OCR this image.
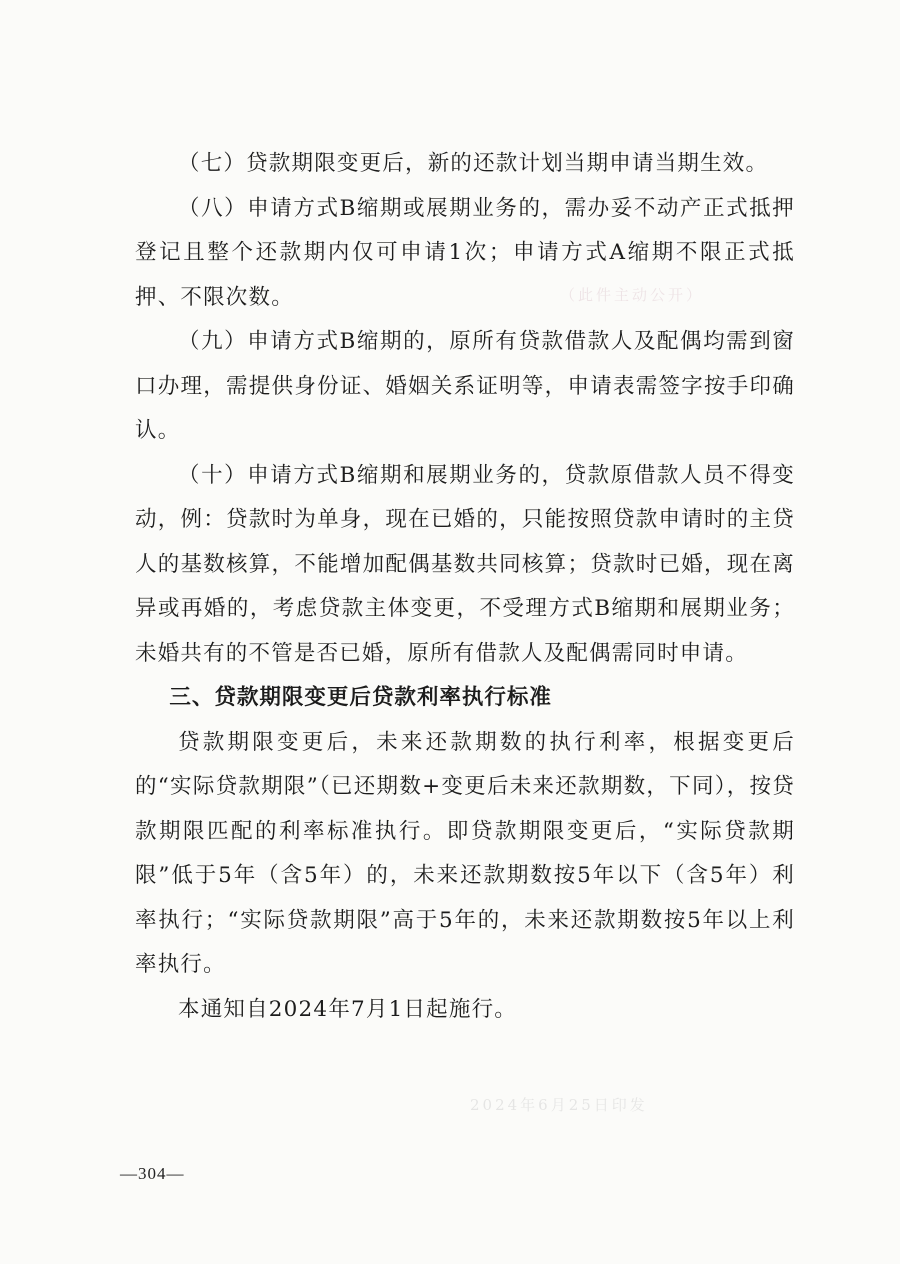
（此件主动公开）
2024年6月25日印发

（七）贷款期限变更后，新的还款计划当期申请当期生效。

（八）申请方式B缩期或展期业务的，需办妥不动产正式抵押登记且整个还款期内仅可申请1次；申请方式A缩期不限正式抵押、不限次数。

（九）申请方式B缩期的，原所有贷款借款人及配偶均需到窗口办理，需提供身份证、婚姻关系证明等，申请表需签字按手印确认。

（十）申请方式B缩期和展期业务的，贷款原借款人员不得变动，例：贷款时为单身，现在已婚的，只能按照贷款申请时的主贷人的基数核算，不能增加配偶基数共同核算；贷款时已婚，现在离异或再婚的，考虑贷款主体变更，不受理方式B缩期和展期业务；未婚共有的不管是否已婚，原所有借款人及配偶需同时申请。

三、贷款期限变更后贷款利率执行标准

贷款期限变更后，未来还款期数的执行利率，根据变更后的“实际贷款期限”（已还期数+变更后未来还款期数，下同），按贷款期限匹配的利率标准执行。即贷款期限变更后，“实际贷款期限”低于5年（含5年）的，未来还款期数按5年以下（含5年）利率执行；“实际贷款期限”高于5年的，未来还款期数按5年以上利率执行。

本通知自2024年7月1日起施行。

—304—
